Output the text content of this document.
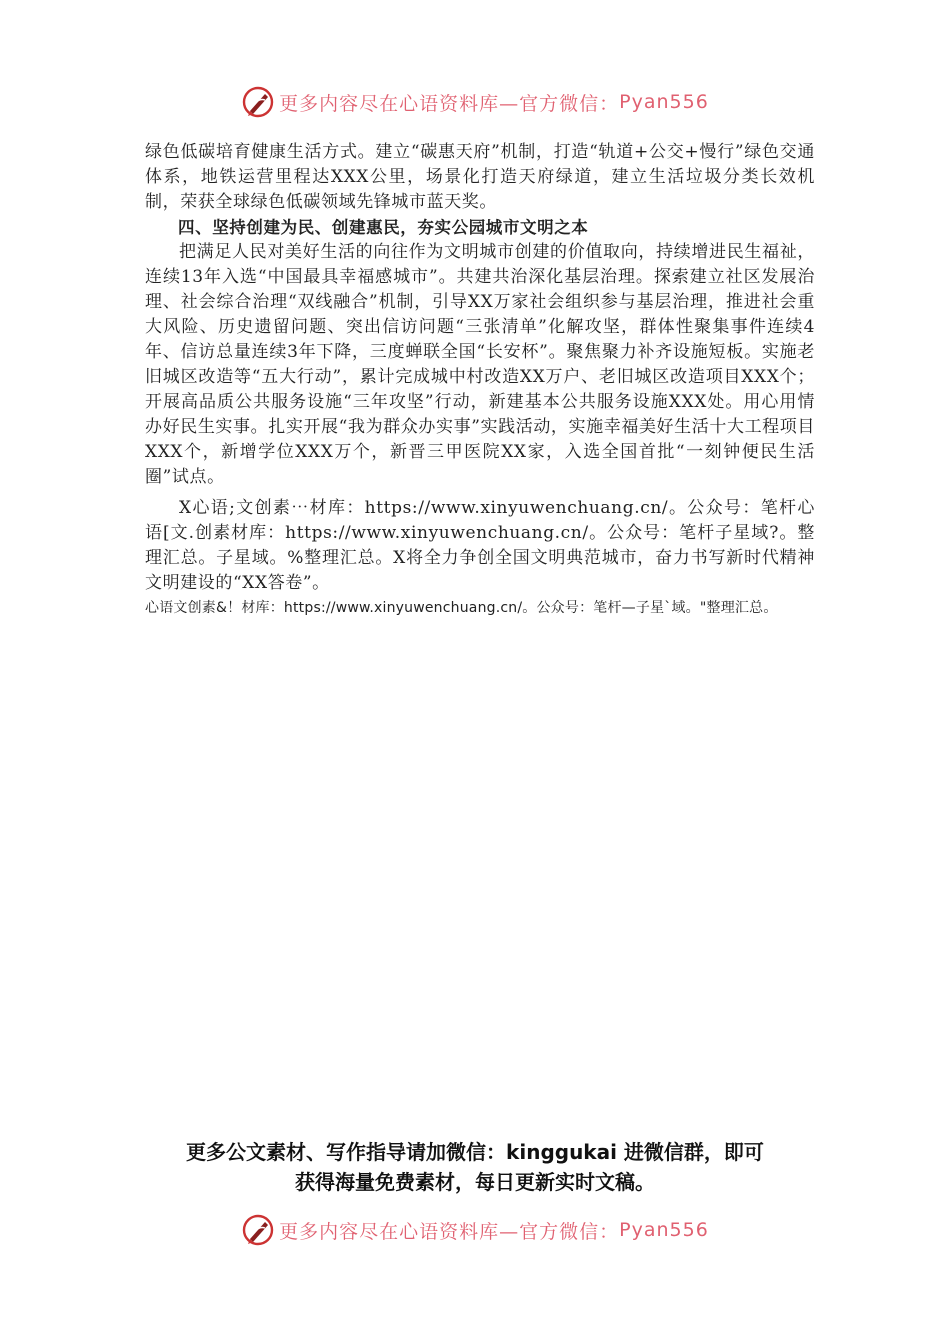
更多内容尽在心语资料库—官方微信： Pyan556

绿色低碳培育健康生活方式。建立“碳惠天府”机制，打造“轨道+公交+慢行”绿色交通体系，地铁运营里程达XXX公里，场景化打造天府绿道，建立生活垃圾分类长效机制，荣获全球绿色低碳领域先锋城市蓝天奖。

四、坚持创建为民、创建惠民，夯实公园城市文明之本

把满足人民对美好生活的向往作为文明城市创建的价值取向，持续增进民生福祉，连续13年入选“中国最具幸福感城市”。共建共治深化基层治理。探索建立社区发展治理、社会综合治理“双线融合”机制，引导XX万家社会组织参与基层治理，推进社会重大风险、历史遗留问题、突出信访问题“三张清单”化解攻坚，群体性聚集事件连续4年、信访总量连续3年下降，三度蝉联全国“长安杯”。聚焦聚力补齐设施短板。实施老旧城区改造等“五大行动”，累计完成城中村改造XX万户、老旧城区改造项目XXX个；开展高品质公共服务设施“三年攻坚”行动，新建基本公共服务设施XXX处。用心用情办好民生实事。扎实开展“我为群众办实事”实践活动，实施幸福美好生活十大工程项目XXX个，新增学位XXX万个，新晋三甲医院XX家，入选全国首批“一刻钟便民生活圈”试点。

X心语;文创素⋯材库：https://www.xinyuwenchuang.cn/。公众号：笔杆心语[文.创素材库：https://www.xinyuwenchuang.cn/。公众号：笔杆子星域?。整理汇总。子星域。%整理汇总。X将全力争创全国文明典范城市，奋力书写新时代精神文明建设的“XX答卷”。

心语文创素&！材库：https://www.xinyuwenchuang.cn/。公众号：笔杆—子星`域。"整理汇总。

更多公文素材、写作指导请加微信：kinggukai 进微信群，即可
获得海量免费素材，每日更新实时文稿。
更多内容尽在心语资料库—官方微信： Pyan556
